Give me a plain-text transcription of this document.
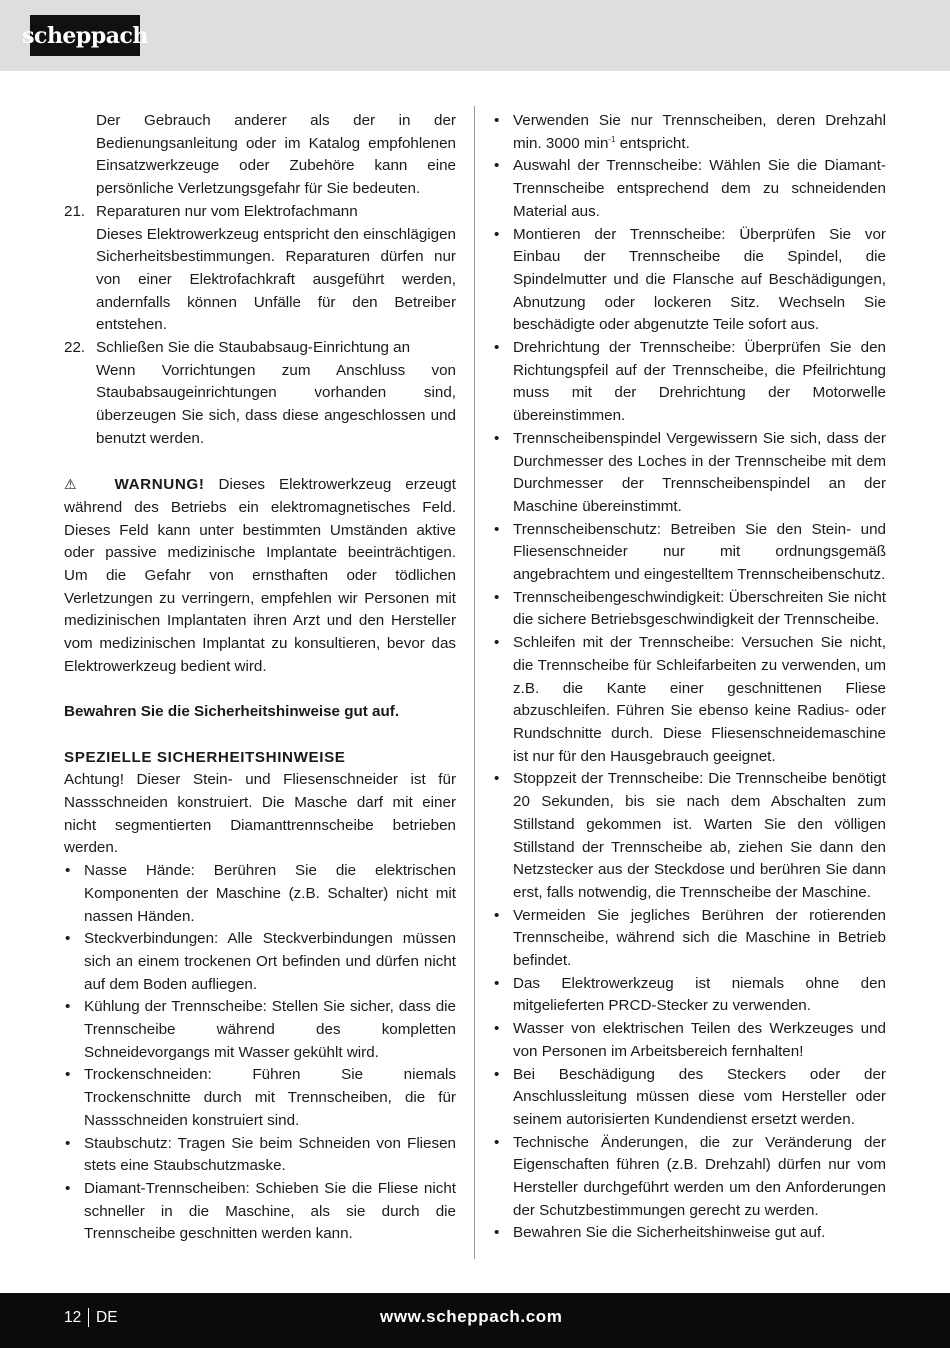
scheppach

Der Gebrauch anderer als der in der Bedienungsanleitung oder im Katalog empfohlenen Einsatzwerkzeuge oder Zubehöre kann eine persönliche Verletzungsgefahr für Sie bedeuten.

21. Reparaturen nur vom Elektrofachmann

Dieses Elektrowerkzeug entspricht den einschlägigen Sicherheitsbestimmungen. Reparaturen dürfen nur von einer Elektrofachkraft ausgeführt werden, andernfalls können Unfälle für den Betreiber entstehen.

22. Schließen Sie die Staubabsaug-Einrichtung an

Wenn Vorrichtungen zum Anschluss von Staubabsaugeinrichtungen vorhanden sind, überzeugen Sie sich, dass diese angeschlossen und benutzt werden.

⚠ WARNUNG! Dieses Elektrowerkzeug erzeugt während des Betriebs ein elektromagnetisches Feld. Dieses Feld kann unter bestimmten Umständen aktive oder passive medizinische Implantate beeinträchtigen. Um die Gefahr von ernsthaften oder tödlichen Verletzungen zu verringern, empfehlen wir Personen mit medizinischen Implantaten ihren Arzt und den Hersteller vom medizinischen Implantat zu konsultieren, bevor das Elektrowerkzeug bedient wird.

Bewahren Sie die Sicherheitshinweise gut auf.

SPEZIELLE SICHERHEITSHINWEISE

Achtung! Dieser Stein- und Fliesenschneider ist für Nassschneiden konstruiert. Die Masche darf mit einer nicht segmentierten Diamanttrennscheibe betrieben werden.

• Nasse Hände: Berühren Sie die elektrischen Komponenten der Maschine (z.B. Schalter) nicht mit nassen Händen.
• Steckverbindungen: Alle Steckverbindungen müssen sich an einem trockenen Ort befinden und dürfen nicht auf dem Boden aufliegen.
• Kühlung der Trennscheibe: Stellen Sie sicher, dass die Trennscheibe während des kompletten Schneidevorgangs mit Wasser gekühlt wird.
• Trockenschneiden: Führen Sie niemals Trockenschnitte durch mit Trennscheiben, die für Nassschneiden konstruiert sind.
• Staubschutz: Tragen Sie beim Schneiden von Fliesen stets eine Staubschutzmaske.
• Diamant-Trennscheiben: Schieben Sie die Fliese nicht schneller in die Maschine, als sie durch die Trennscheibe geschnitten werden kann.
• Verwenden Sie nur Trennscheiben, deren Drehzahl min. 3000 $\min^{-1}$ entspricht.
• Auswahl der Trennscheibe: Wählen Sie die Diamant-Trennscheibe entsprechend dem zu schneidenden Material aus.
• Montieren der Trennscheibe: Überprüfen Sie vor Einbau der Trennscheibe die Spindel, die Spindelmutter und die Flansche auf Beschädigungen, Abnutzung oder lockeren Sitz. Wechseln Sie beschädigte oder abgenutzte Teile sofort aus.
• Drehrichtung der Trennscheibe: Überprüfen Sie den Richtungspfeil auf der Trennscheibe, die Pfeilrichtung muss mit der Drehrichtung der Motorwelle übereinstimmen.
• Trennscheibenspindel Vergewissern Sie sich, dass der Durchmesser des Loches in der Trennscheibe mit dem Durchmesser der Trennscheibenspindel an der Maschine übereinstimmt.
• Trennscheibenschutz: Betreiben Sie den Stein- und Fliesenschneider nur mit ordnungsgemäß angebrachtem und eingestelltem Trennscheibenschutz.
• Trennscheibengeschwindigkeit: Überschreiten Sie nicht die sichere Betriebsgeschwindigkeit der Trennscheibe.
• Schleifen mit der Trennscheibe: Versuchen Sie nicht, die Trennscheibe für Schleifarbeiten zu verwenden, um z.B. die Kante einer geschnittenen Fliese abzuschleifen. Führen Sie ebenso keine Radius- oder Rundschnitte durch. Diese Fliesenschneidemaschine ist nur für den Hausgebrauch geeignet.
• Stoppzeit der Trennscheibe: Die Trennscheibe benötigt 20 Sekunden, bis sie nach dem Abschalten zum Stillstand gekommen ist. Warten Sie den völligen Stillstand der Trennscheibe ab, ziehen Sie dann den Netzstecker aus der Steckdose und berühren Sie dann erst, falls notwendig, die Trennscheibe der Maschine.
• Vermeiden Sie jegliches Berühren der rotierenden Trennscheibe, während sich die Maschine in Betrieb befindet.
• Das Elektrowerkzeug ist niemals ohne den mitgelieferten PRCD-Stecker zu verwenden.
• Wasser von elektrischen Teilen des Werkzeuges und von Personen im Arbeitsbereich fernhalten!
• Bei Beschädigung des Steckers oder der Anschlussleitung müssen diese vom Hersteller oder seinem autorisierten Kundendienst ersetzt werden.
• Technische Änderungen, die zur Veränderung der Eigenschaften führen (z.B. Drehzahl) dürfen nur vom Hersteller durchgeführt werden um den Anforderungen der Schutzbestimmungen gerecht zu werden.
• Bewahren Sie die Sicherheitshinweise gut auf.
12 DE	www.scheppach.com
